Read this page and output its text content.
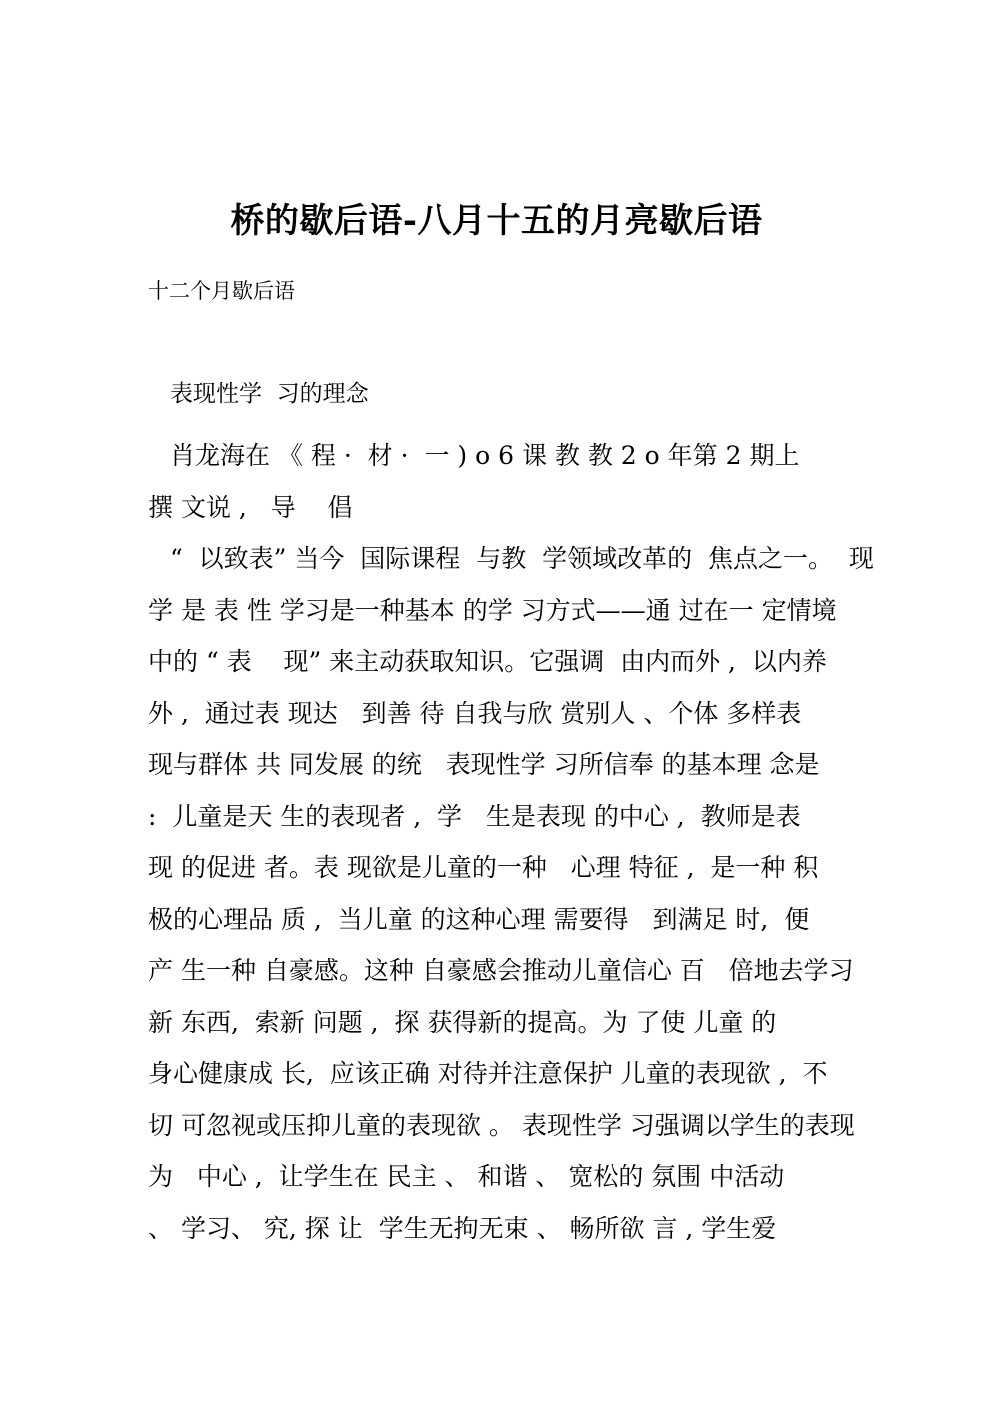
桥的歇后语-八月十五的月亮歇后语
十二个月歇后语
表现性学  习的理念
肖龙海在 《 程 ·  材 ·  一 ) o 6 课 教 教 2 o 年第 2 期上
撰 文说 ,   导    倡
“  以致表” 当今  国际课程  与教  学领域改革的  焦点之一。  现
学 是 表 性 学习是一种基本 的学 习方式——通 过在一 定情境
中的 “ 表    现” 来主动获取知识。它强调  由内而外 ,  以内养
外 ,  通过表 现达   到善 待 自我与欣 赏别人 、个体 多样表
现与群体 共 同发展 的统   表现性学 习所信奉 的基本理 念是
:  儿童是天 生的表现者 ,  学   生是表现 的中心 ,  教师是表
现 的促进 者。表 现欲是儿童的一种   心理 特征 ,  是一种 积
极的心理品 质 ,  当儿童 的这种心理 需要得   到满足 时,  便
产 生一种 自豪感。这种 自豪感会推动儿童信心 百   倍地去学习
新 东西,  索新 问题 ,  探 获得新的提高。为 了使 儿童 的
身心健康成 长,  应该正确 对待并注意保护 儿童的表现欲 ,  不
切 可忽视或压抑儿童的表现欲 。 表现性学 习强调以学生的表现
为   中心 ,  让学生在 民主 、 和谐 、 宽松的 氛围 中活动
、 学习、 究, 探 让  学生无拘无束 、 畅所欲 言 , 学生爱
